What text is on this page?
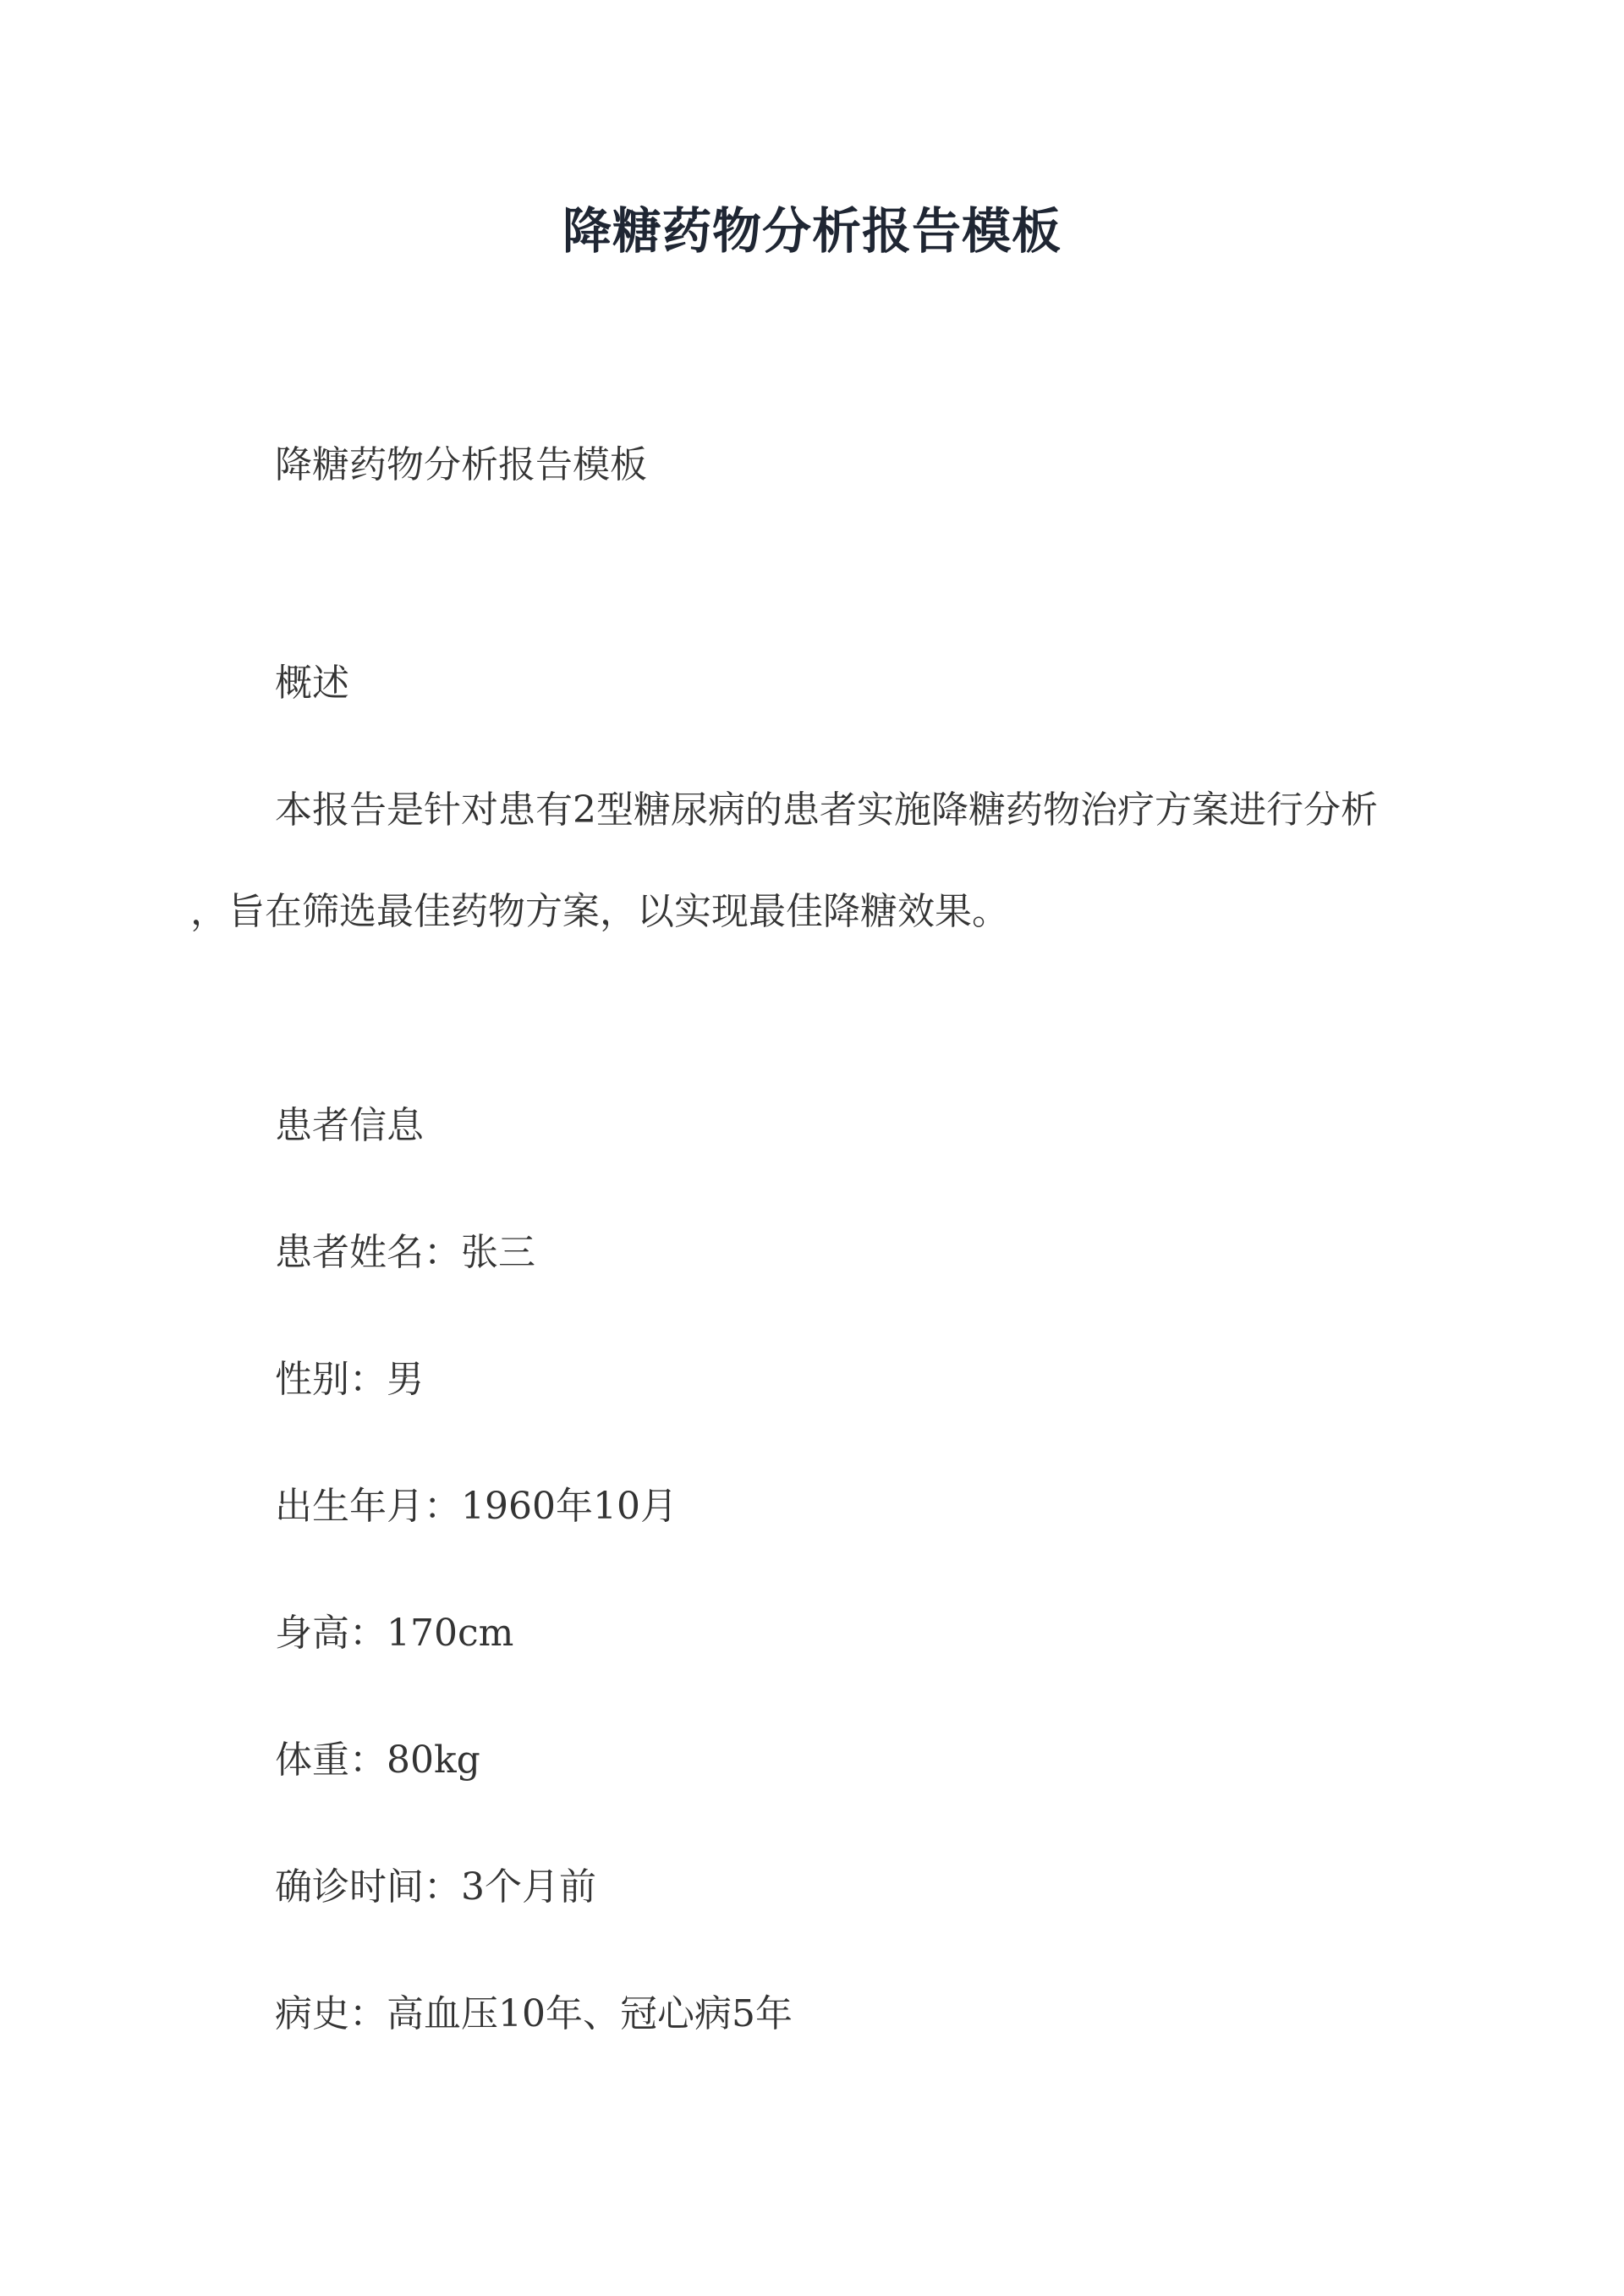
降糖药物分析报告模板
降糖药物分析报告模板
概述
本报告是针对患有2型糖尿病的患者实施降糖药物治疗方案进行分析
，旨在筛选最佳药物方案，以实现最佳降糖效果。
患者信息
患者姓名：张三
性别：男
出生年月：1960年10月
身高：170cm
体重：80kg
确诊时间：3个月前
病史：高血压10年、冠心病5年
